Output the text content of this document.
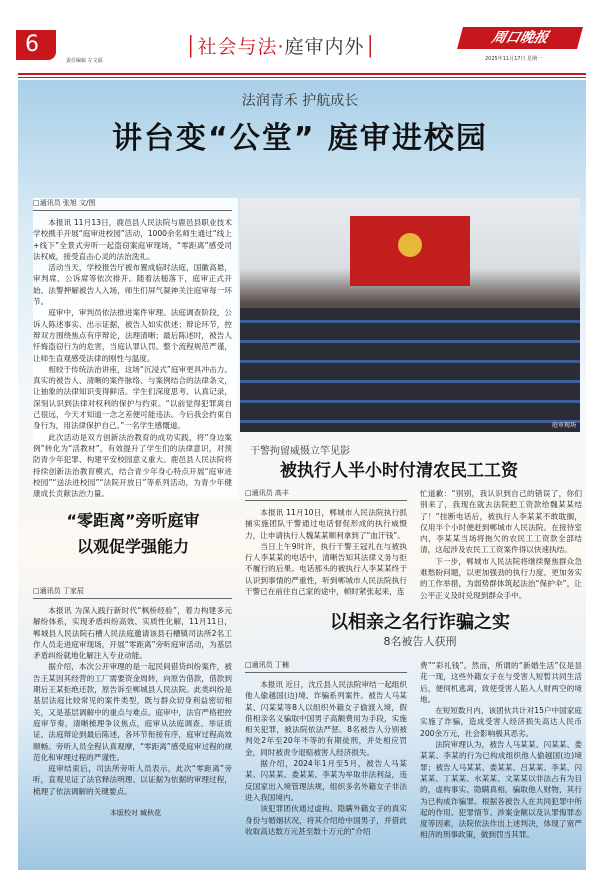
6
责任编辑 左文福
│社会与法·庭审内外│	周口晚报
2025年11月17日 星期一
法润青禾 护航成长
讲台变“公堂” 庭审进校园
□通讯员 张旭 文/图

本报讯 11月13日，鹿邑县人民法院与鹿邑县职业技术学校携手开展“庭审进校园”活动，1000余名师生通过“线上+线下”全景式旁听一起盗窃案庭审现场，“零距离”感受司法权威，接受直击心灵的法治洗礼。

活动当天，学校报告厅被布置成临时法庭，国徽高悬，审判席、公诉席等依次排开。随着法槌落下，庭审正式开始。法警押解被告人入场，师生们屏气凝神关注庭审每一环节。

庭审中，审判员依法推进案件审理。法庭调查阶段，公诉人陈述事实、出示证据，被告人如实供述；辩论环节，控辩双方围绕焦点有序辩论，法理清晰；最后陈述时，被告人忏悔盗窃行为的危害，当庭认罪认罚。整个流程规范严谨，让师生直观感受法律的刚性与温度。

相较于传统法治讲座，这场“沉浸式”庭审更具冲击力。真实的被告人、清晰的案件脉络、与案例结合的法律条文，让抽象的法律知识变得鲜活。学生们深度思考、认真记录，深刻认识到法律对权利的保护与约束。“以前觉得犯罪离自己很远，今天才知道一念之差便可能违法。今后我会约束自身行为，用法律保护自己。”一名学生感慨道。

此次活动是双方创新法治教育的成功实践，将“身边案例”转化为“活教材”，有效提升了学生们的法律意识，对预防青少年犯罪、构建平安校园意义重大。鹿邑县人民法院将持续创新法治教育模式，结合青少年身心特点开展“庭审进校园”“送法进校园”“法院开放日”等系列活动，为青少年健康成长贡献法治力量。

庭审现场
干警拘留威慑立竿见影
被执行人半小时付清农民工工资
□通讯员 高丰

本报讯 11月10日，郸城市人民法院执行抓捕实施团队干警通过电话督促形成的执行威慑力，让申请执行人魏某某顺利拿到了“血汗钱”。

当日上午9时许，执行干警王冠礼在与被执行人李某某的电话中，清晰告知其法律义务与拒不履行的后果。电话那头的被执行人李某某终于认识到事情的严重性，听到郸城市人民法院执行干警已在前往自己家的途中，顿时紧张起来，连

忙道歉：“别别，我认识到自己的错误了，你们别来了，我现在就去法院把工资款给魏某某结了！”挂断电话后，被执行人李某某不敢耽搁，仅用半个小时便赶到郸城市人民法院。在接待室内，李某某当场将拖欠的农民工工资款全部结清，这起涉及农民工工资案件得以快速执结。

下一步，郸城市人民法院将继续聚焦群众急难愁盼问题，以更加强劲的执行力度、更加务实的工作举措，为弱势群体筑起法治“保护伞”，让公平正义及时兑现到群众手中。

以相亲之名行诈骗之实
8名被告人获刑
□通讯员 丁楠

本报讯 近日，沈丘县人民法院审结一起组织他人偷越国(边)境、诈骗系列案件。被告人马某某、闪某某等8人以组织外籍女子偷渡入境，假借相亲名义骗取中国男子高额费用为手段，实施相关犯罪，被法院依法严惩。8名被告人分别被判处2年至20年不等的有期徒刑，并处相应罚金，同时被责令退赔被害人经济损失。

据介绍，2024年1月至5月，被告人马某某、闪某某、娄某某、李某为牟取非法利益，违反国家出入境管理法规，组织多名外籍女子非法进入我国境内。

该犯罪团伙通过虚构、隐瞒外籍女子的真实身份与婚姻状况，将其介绍给中国男子，并借此收取高达数万元甚至数十万元的“介绍

费”“彩礼钱”。然而，所谓的“新婚生活”仅是昙花一现，这些外籍女子在与受害人短暂共同生活后，便伺机逃离，致使受害人陷入人财两空的境地。

在短短数月内，该团伙共计对15户中国家庭实施了诈骗，造成受害人经济损失高达人民币200余万元，社会影响极其恶劣。

法院审理认为，被告人马某某、闪某某、娄某某、李某的行为已构成组织他人偷越国(边)境罪；被告人马某某、娄某某、吕某某、李某、闪某某、丁某某、水某某、文某某以非法占有为目的，虚构事实、隐瞒真相，骗取他人财物，其行为已构成诈骗罪。根据各被告人在共同犯罪中所起的作用、犯罪情节、涉案金额以及认罪悔罪态度等因素，法院依法作出上述判决，体现了宽严相济的刑事政策，做到罚当其罪。

“零距离”旁听庭审
以观促学强能力
□通讯员 丁家辰

本报讯 为深入践行新时代“枫桥经验”，着力构建多元解纷体系，实现矛盾纠纷高效、实质性化解，11月11日，郸城县人民法院石槽人民法庭邀请该县石槽镇司法所2名工作人员走进庭审现场，开展“零距离”旁听庭审活动，为基层矛盾纠纷就地化解注入专业动能。

据介绍，本次公开审理的是一起民间借贷纠纷案件，被告王某因其经营的工厂需要资金周转，向原告借款，借款到期后王某拒绝还款，原告诉至郸城县人民法院。此类纠纷是基层法庭比较常见的案件类型，既与群众切身利益密切相关，又是基层调解中的重点与难点。庭审中，法官严格把控庭审节奏，清晰梳理争议焦点，庭审从法庭调查、举证质证、法庭辩论到最后陈述，各环节衔接有序，庭审过程高效顺畅。旁听人员全程认真观摩，“零距离”感受庭审过程的规范化和审理过程的严谨性。

庭审结束后，司法所旁听人员表示，此次“零距离”旁听，直观见证了法官释法明理、以证据为依据的审理过程，梳理了依法调解的关键要点。

本版校对 臧秋花
